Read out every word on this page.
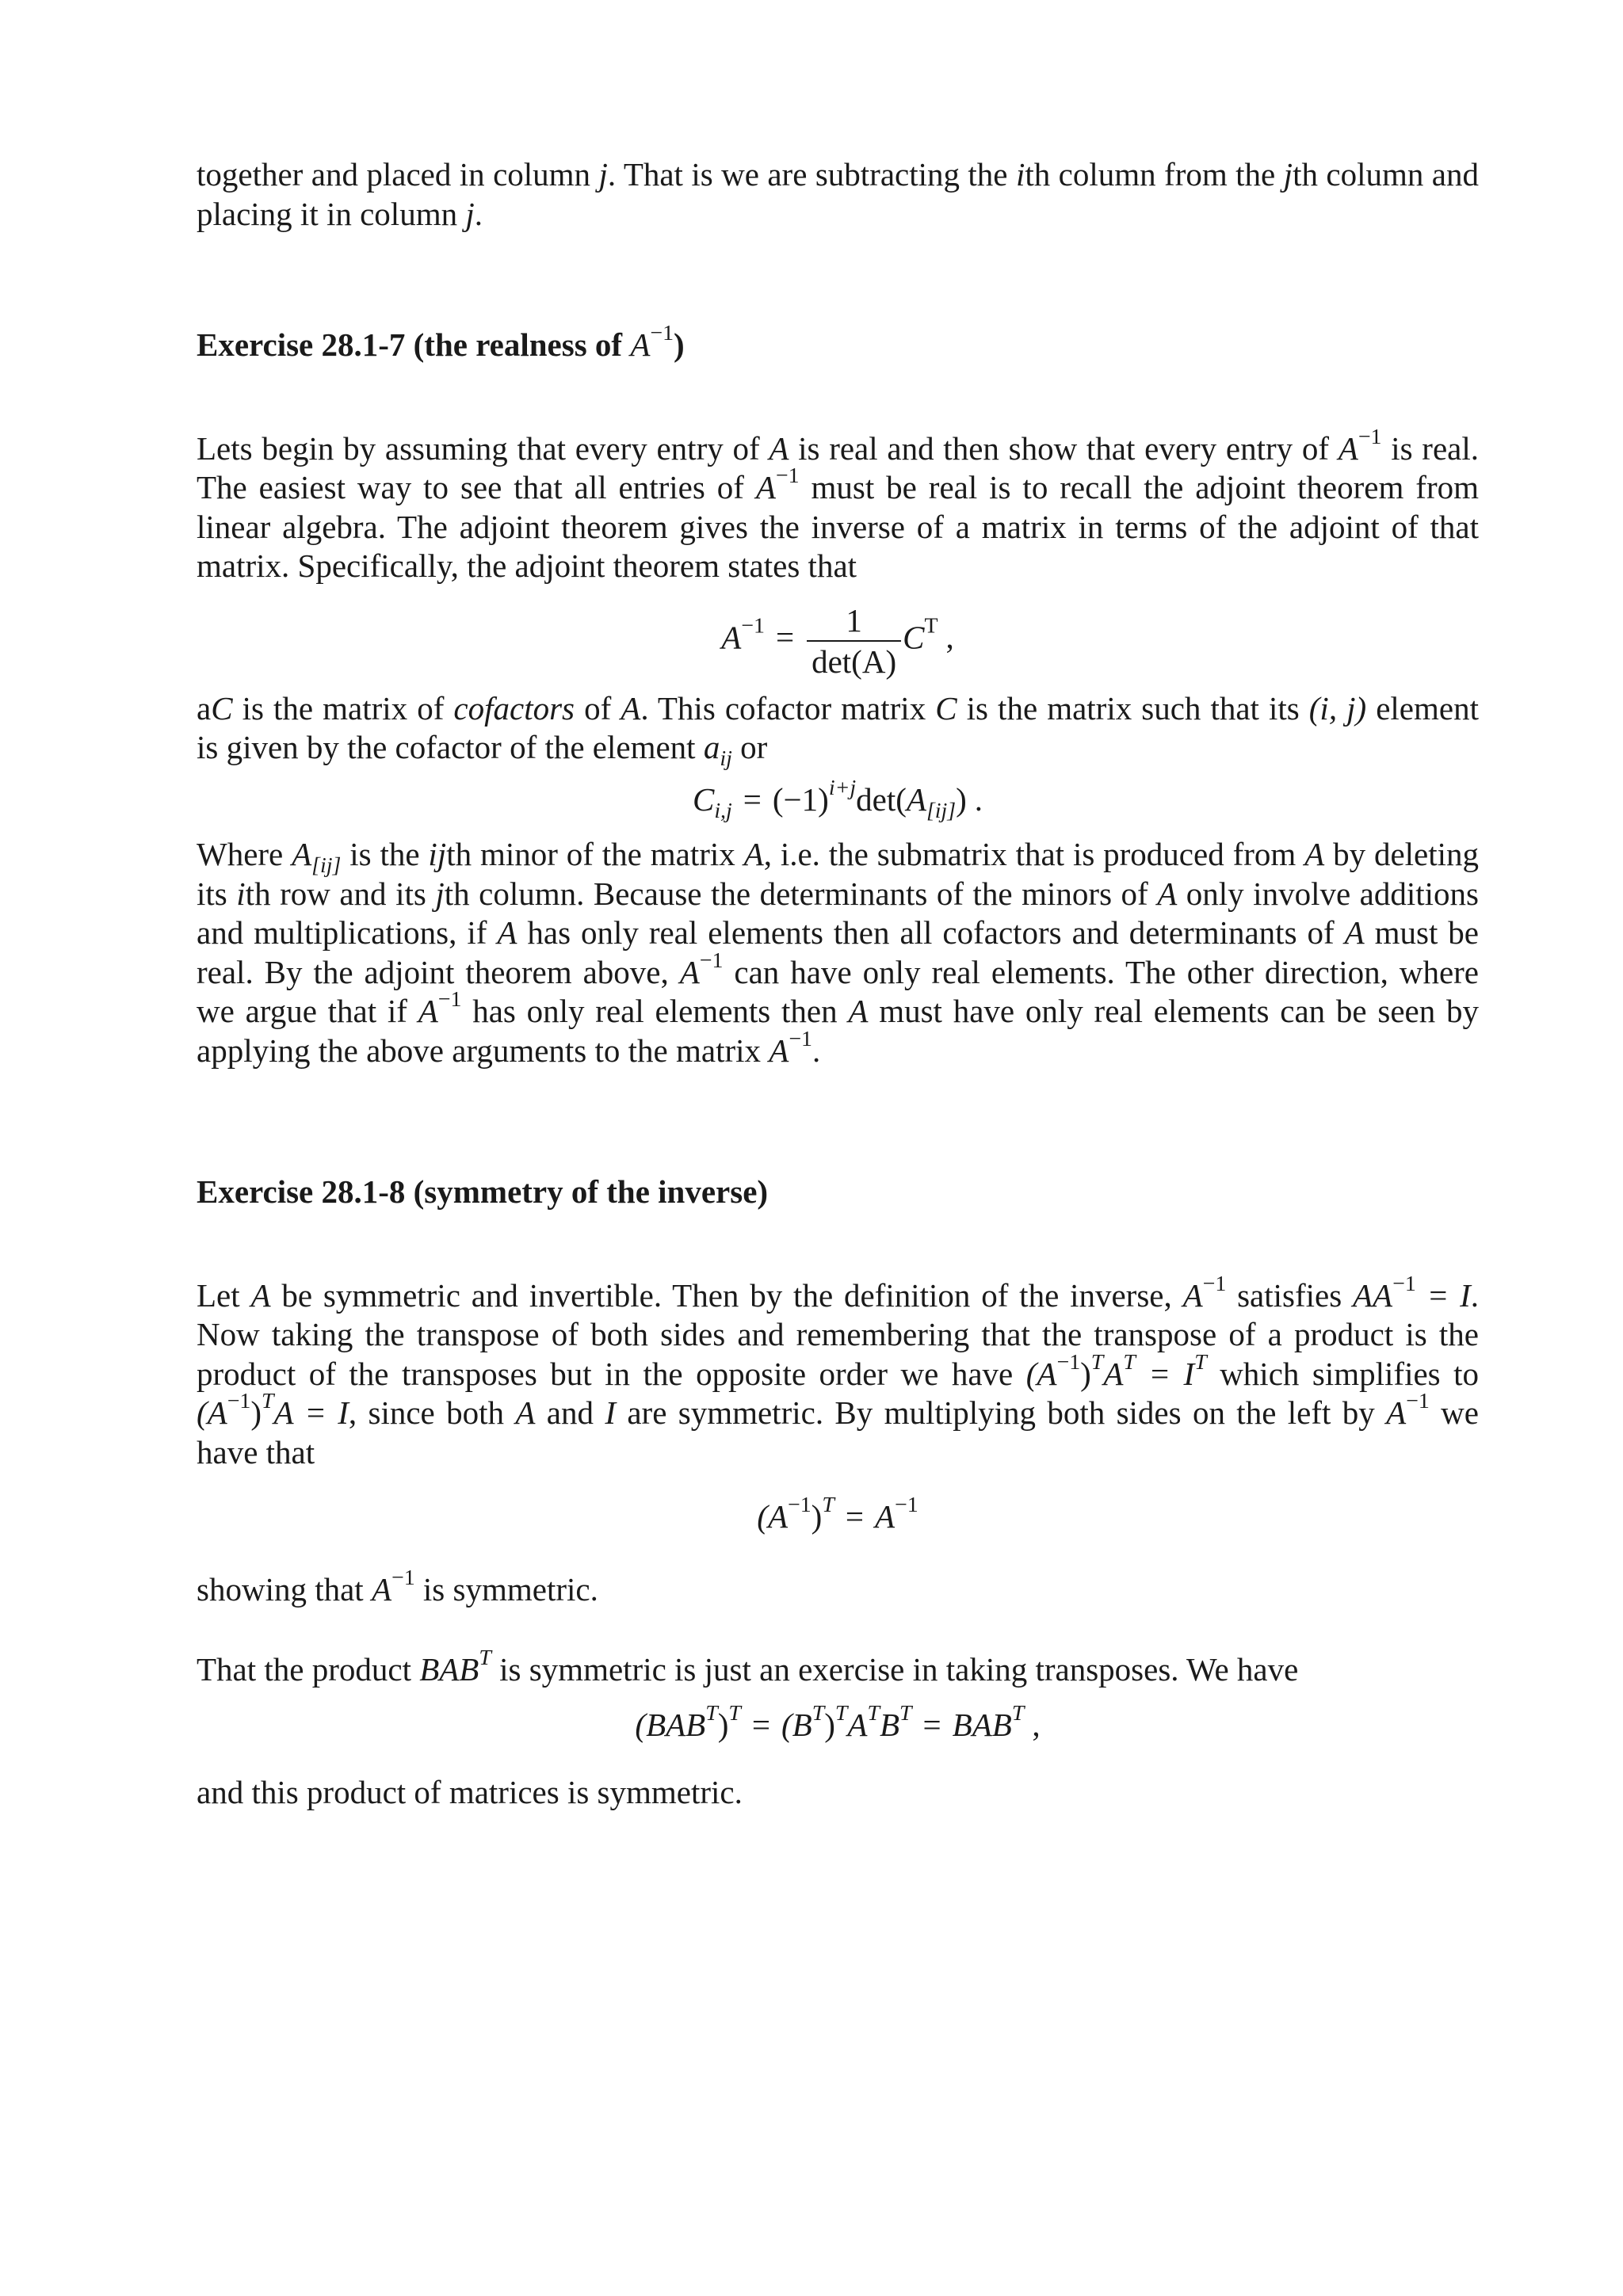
together and placed in column j. That is we are subtracting the ith column from the jth column and placing it in column j.

Exercise 28.1-7 (the realness of $A^{-1}$)

Lets begin by assuming that every entry of A is real and then show that every entry of $A^{-1}$ is real. The easiest way to see that all entries of $A^{-1}$ must be real is to recall the adjoint theorem from linear algebra. The adjoint theorem gives the inverse of a matrix in terms of the adjoint of that matrix. Specifically, the adjoint theorem states that

$A^{-1} = \frac{1}{\det(A)} C^T$ ,

aC is the matrix of cofactors of A. This cofactor matrix C is the matrix such that its (i, j) element is given by the cofactor of the element $a_{ij}$ or

$C_{i,j} = (-1)^{i+j}\det(A_{[ij]})$ .

Where $A_{[ij]}$ is the ijth minor of the matrix A, i.e. the submatrix that is produced from A by deleting its ith row and its jth column. Because the determinants of the minors of A only involve additions and multiplications, if A has only real elements then all cofactors and determinants of A must be real. By the adjoint theorem above, $A^{-1}$ can have only real elements. The other direction, where we argue that if $A^{-1}$ has only real elements then A must have only real elements can be seen by applying the above arguments to the matrix $A^{-1}$.

Exercise 28.1-8 (symmetry of the inverse)

Let A be symmetric and invertible. Then by the definition of the inverse, $A^{-1}$ satisfies $AA^{-1} = I$. Now taking the transpose of both sides and remembering that the transpose of a product is the product of the transposes but in the opposite order we have $(A^{-1})^TA^T = I^T$ which simplifies to $(A^{-1})^TA = I$, since both A and I are symmetric. By multiplying both sides on the left by $A^{-1}$ we have that

$(A^{-1})^T = A^{-1}$

showing that $A^{-1}$ is symmetric.

That the product $BAB^T$ is symmetric is just an exercise in taking transposes. We have

$(BAB^T)^T = (B^T)^TA^TB^T = BAB^T$ ,

and this product of matrices is symmetric.
